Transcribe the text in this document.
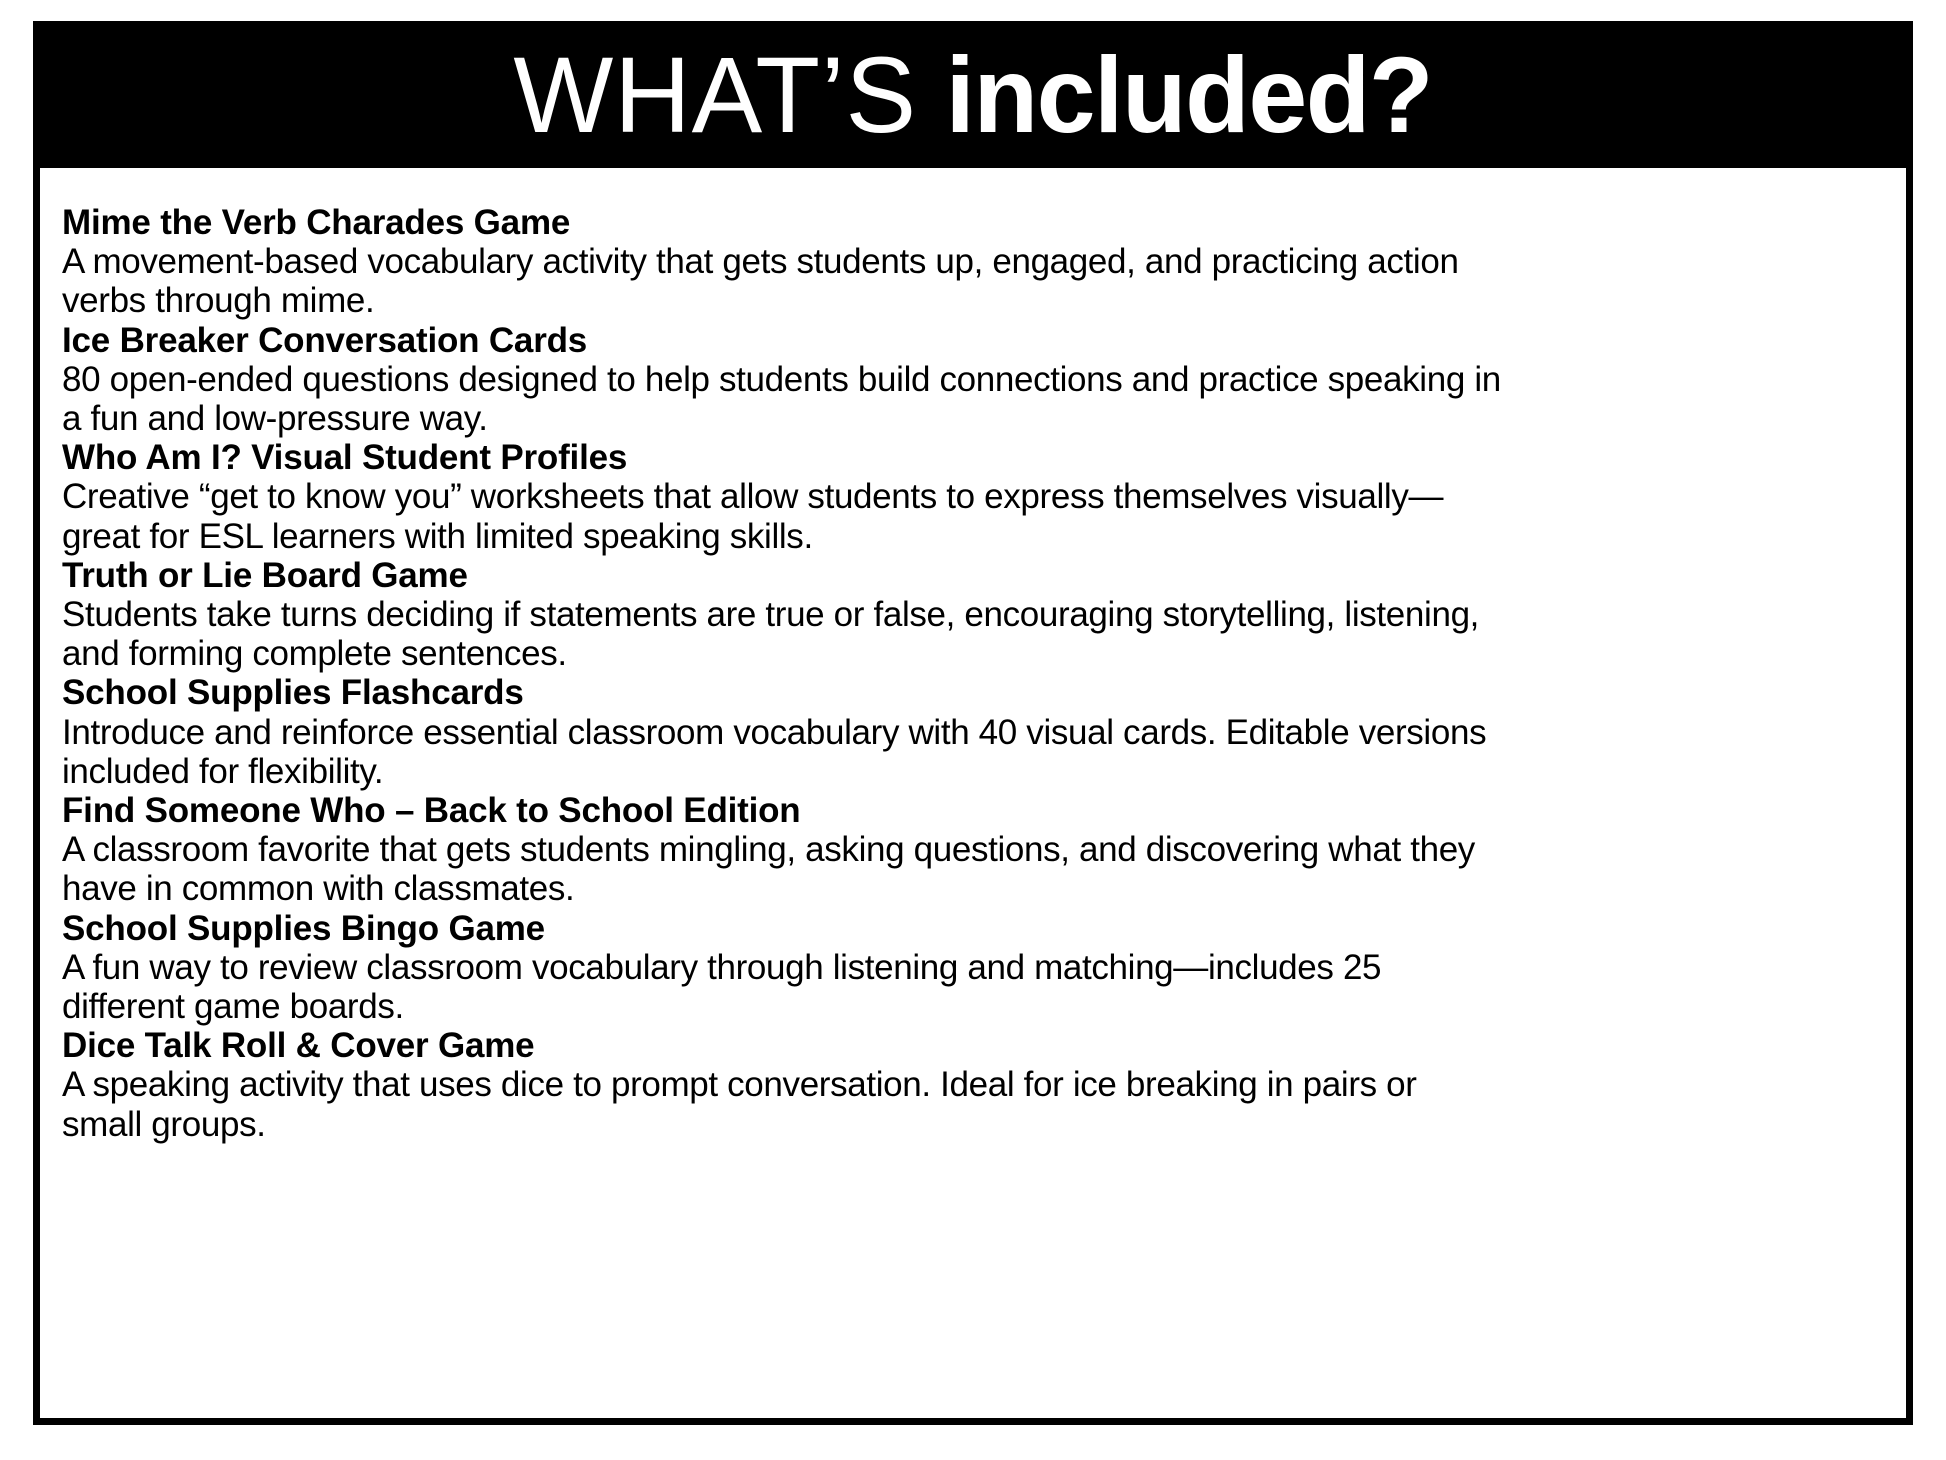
WHAT’S included?
Mime the Verb Charades Game
A movement-based vocabulary activity that gets students up, engaged, and practicing action verbs through mime.
Ice Breaker Conversation Cards
80 open-ended questions designed to help students build connections and practice speaking in a fun and low-pressure way.
Who Am I? Visual Student Profiles
Creative “get to know you” worksheets that allow students to express themselves visually—great for ESL learners with limited speaking skills.
Truth or Lie Board Game
Students take turns deciding if statements are true or false, encouraging storytelling, listening, and forming complete sentences.
School Supplies Flashcards
Introduce and reinforce essential classroom vocabulary with 40 visual cards. Editable versions included for flexibility.
Find Someone Who – Back to School Edition
A classroom favorite that gets students mingling, asking questions, and discovering what they have in common with classmates.
School Supplies Bingo Game
A fun way to review classroom vocabulary through listening and matching—includes 25 different game boards.
Dice Talk Roll & Cover Game
A speaking activity that uses dice to prompt conversation. Ideal for ice breaking in pairs or small groups.
